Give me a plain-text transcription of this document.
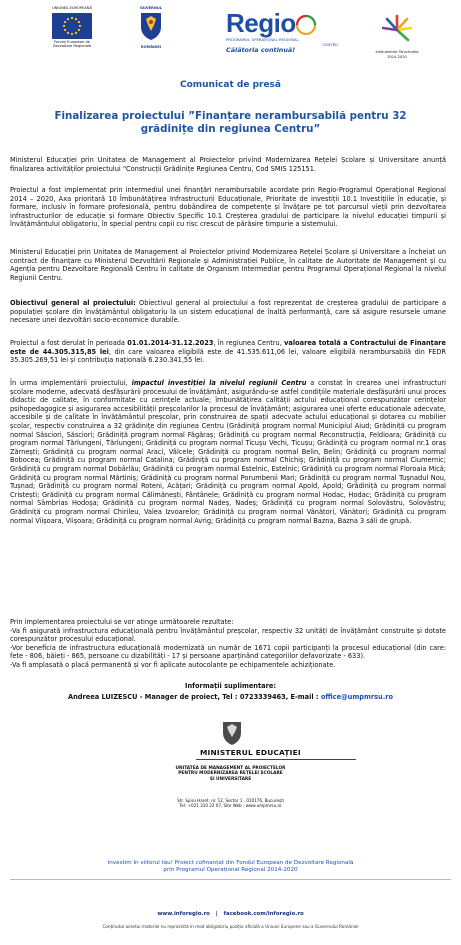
UNIUNEA EUROPEANĂ
Fondul European de
Dezvoltare Regională
GUVERNUL
ROMÂNIEI
Regio
PROGRAMUL OPERAȚIONAL REGIONAL
CENTRU
Călătoria continuă!	Instrumente Structurale
2014-2020
Comunicat de presă
Finalizarea proiectului ”Finanțare nerambursabilă pentru 32
grădinițe din regiunea Centru”

Ministerul Educației prin Unitatea de Management al Proiectelor privind Modernizarea Rețelei Școlare și Universitare anunță finalizarea activităților proiectului “Construcții Grădinițe Regiunea Centru, Cod SMIS 125151.

Proiectul a fost implementat prin intermediul unei finanțări nerambursabile acordate prin Regio-Programul Operațional Regional 2014 – 2020, Axa prioritară 10 Îmbunătățirea Infrastructurii Educaționale, Prioritate de investiții 10.1 Investițiile în educație, și formare, inclusiv în formare profesională, pentru dobândirea de competențe și învățare pe tot parcursul vieții prin dezvoltarea infrastructurilor de educație și formare Obiectiv Specific 10.1 Creșterea gradului de participare la nivelul educației timpurii și învățământului obligatoriu, în special pentru copii cu risc crescut de părăsire timpurie a sistemului.

Ministerul Educației prin Unitatea de Management al Proiectelor privind Modernizarea Rețelei Școlare și Universitare a încheiat un contract de finanțare cu Ministerul Dezvoltării Regionale și Administrației Publice, în calitate de Autoritate de Management și cu Agenția pentru Dezvoltare Regională Centru în calitate de Organism Intermediar pentru Programul Operațional Regional la nivelul Regiunii Centru.

Obiectivul general al proiectului: Obiectivul general al proiectului a fost reprezentat de creșterea gradului de participare a populației școlare din învățământul obligatoriu la un sistem educațional de înaltă performanță, care să asigure resursele umane necesare unei dezvoltări socio-economice durabile.

Proiectul a fost derulat în perioada 01.01.2014-31.12.2023, în regiunea Centru, valoarea totală a Contractului de Finanțare este de 44.305.315,85 lei, din care valoarea eligibilă este de 41.535.611,06 lei, valoare eligibilă nerambursabilă din FEDR 35.305.269,51 lei și contribuția națională 6.230.341,55 lei.

În urma implementării proiectului, impactul investiției la nivelul regiunii Centru a constat în crearea unei infrastructuri școlare moderne, adecvată desfășurării procesului de învățământ, asigurându-se astfel condițiile materiale desfășurării unui proces didactic de calitate, în conformitate cu cerințele actuale; îmbunătățirea calității actului educațional corespunzător cerințelor psihopedagogice și asigurarea accesibilității preșcolarilor la procesul de învățământ; asigurarea unei oferte educaționale adecvate, accesibile și de calitate în învățământul preșcolar, prin construirea de spații adecvate actului educațional și dotarea cu mobilier școlar, respectiv construirea a 32 grădinițe din regiunea Centru (Grădiniță program normal Municipiul Aiud; Grădiniță cu program normal Săsciori, Săsciori; Grădiniță program normal Făgăraș; Grădiniță cu program normal Reconstrucția, Feldioara; Grădiniță cu program normal Tărlungeni, Tărlungeni; Grădiniță cu program normal Ticușu Vechi, Ticușu; Grădiniță cu program normal nr.1 oraș Zărnești; Grădiniță cu program normal Araci, Vâlcele; Grădiniță cu program normal Belin, Belin; Grădiniță cu program normal Bobocea; Grădiniță cu program normal Catalina; Grădiniță cu program normal Chichiș; Grădiniță cu program normal Ciumernic; Grădiniță cu program normal Dobârlău; Grădiniță cu program normal Estelnic, Estelnic; Grădiniță cu program normal Floroaia Mică; Grădiniță cu program normal Mărtiniș; Grădiniță cu program normal Porumbenii Mari; Grădiniță cu program normal Tușnadul Nou, Tușnad; Grădiniță cu program normal Roteni, Acățari; Grădiniță cu program normal Apold, Apold; Grădiniță cu program normal Cristești; Grădiniță cu program normal Călimănești, Fântânele; Grădiniță cu program normal Hodac, Hodac; Grădiniță cu program normal Sâmbrias Hodoșa; Grădiniță cu program normal Nadeș, Nadeș; Grădiniță cu program normal Solovăstru, Solovăstru; Grădiniță cu program normal Chirileu, Valea Izvoarelor; Grădiniță cu program normal Vânători, Vânători; Grădiniță cu program normal Viișoara, Viișoara; Grădiniță cu program normal Avrig; Grădiniță cu program normal Bazna, Bazna 3 săli de grupă.

Prin implementarea proiectului se vor atinge următoarele rezultate:

-Va fi asigurată infrastructura educațională pentru învățământul preșcolar, respectiv 32 unități de învățământ construite și dotate corespunzător procesului educațional.

-Vor beneficia de infrastructura educațională modernizată un număr de 1671 copii participanți la procesul educațional (din care: fete - 806, băieți - 865, persoane cu dizabilități - 17 și persoane aparținând categoriilor defavorizate - 633).

-Va fi amplasată o placă permanentă și vor fi aplicate autocolante pe echipamentele achiziționate.

Informații suplimentare:
Andreea LUIZESCU - Manager de proiect, Tel : 0723339463, E-mail : office@umpmrsu.ro
MINISTERUL EDUCAȚIEI
UNITATEA DE MANAGEMENT AL PROIECTELOR
PENTRU MODERNIZAREA REȚELEI ȘCOLARE
ȘI UNIVERSITARE
Str. Spiru Haret, nr. 12, Sector 1 , 010176, București
Tel: +021 310 22 07, Site Web : www.umpmrsu.ro
Investim în viitorul tău! Proiect cofinanțat din Fondul European de Dezvoltare Regională
prin Programul Operațional Regional 2014-2020
www.inforegio.ro | facebook.com/inforegio.ro
Conținutul acestui material nu reprezintă în mod obligatoriu poziția oficială a Uniunii Europene sau a Guvernului României
